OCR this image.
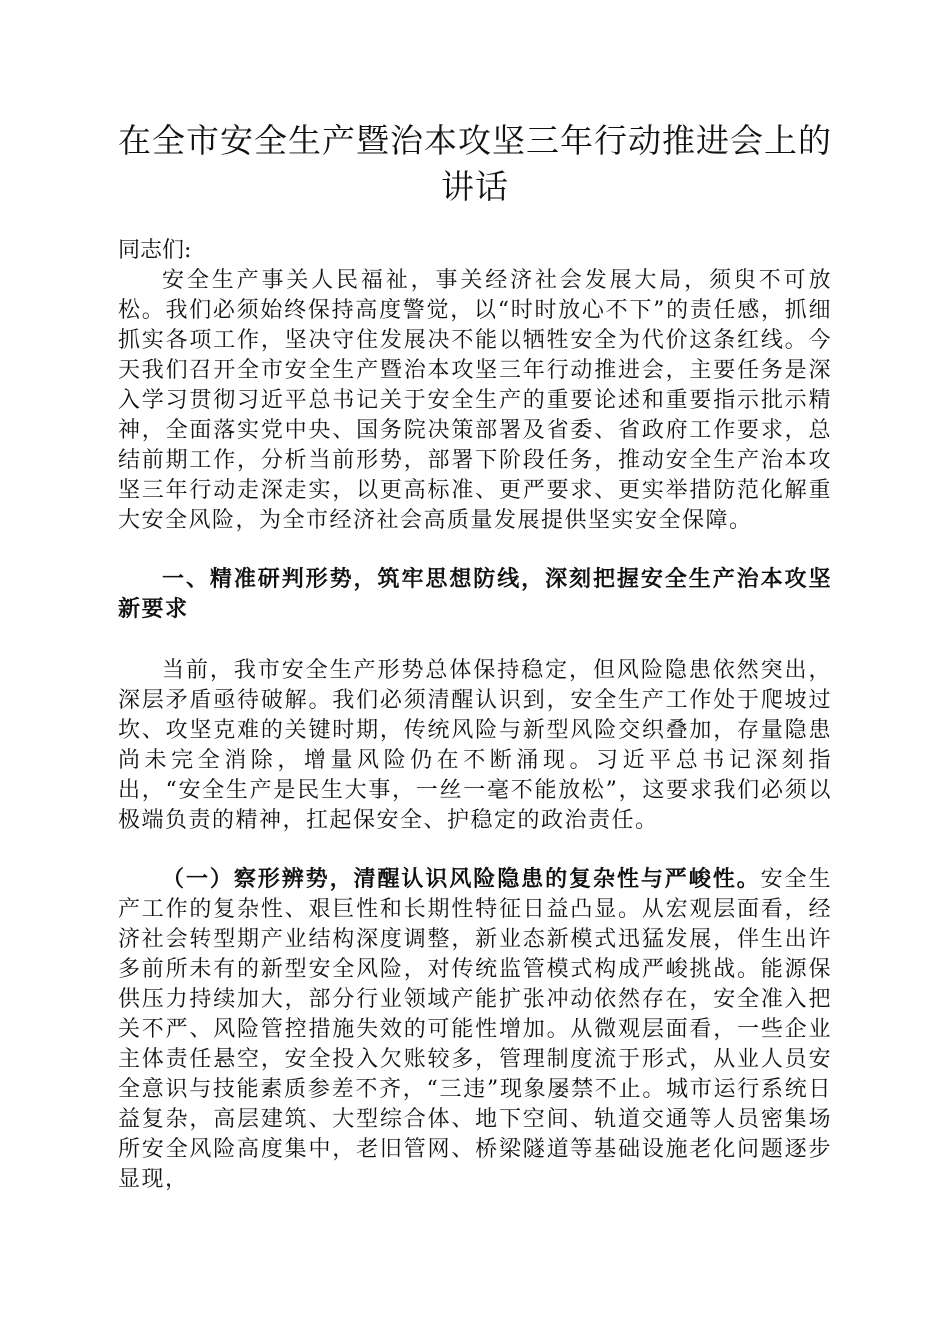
在全市安全生产暨治本攻坚三年行动推进会上的讲话
同志们:

安全生产事关人民福祉，事关经济社会发展大局，须臾不可放松。我们必须始终保持高度警觉，以“时时放心不下”的责任感，抓细抓实各项工作，坚决守住发展决不能以牺牲安全为代价这条红线。今天我们召开全市安全生产暨治本攻坚三年行动推进会，主要任务是深入学习贯彻习近平总书记关于安全生产的重要论述和重要指示批示精神，全面落实党中央、国务院决策部署及省委、省政府工作要求，总结前期工作，分析当前形势，部署下阶段任务，推动安全生产治本攻坚三年行动走深走实，以更高标准、更严要求、更实举措防范化解重大安全风险，为全市经济社会高质量发展提供坚实安全保障。

一、精准研判形势，筑牢思想防线，深刻把握安全生产治本攻坚新要求

当前，我市安全生产形势总体保持稳定，但风险隐患依然突出，深层矛盾亟待破解。我们必须清醒认识到，安全生产工作处于爬坡过坎、攻坚克难的关键时期，传统风险与新型风险交织叠加，存量隐患尚未完全消除，增量风险仍在不断涌现。习近平总书记深刻指出，“安全生产是民生大事，一丝一毫不能放松”，这要求我们必须以极端负责的精神，扛起保安全、护稳定的政治责任。

（一）察形辨势，清醒认识风险隐患的复杂性与严峻性。安全生产工作的复杂性、艰巨性和长期性特征日益凸显。从宏观层面看，经济社会转型期产业结构深度调整，新业态新模式迅猛发展，伴生出许多前所未有的新型安全风险，对传统监管模式构成严峻挑战。能源保供压力持续加大，部分行业领域产能扩张冲动依然存在，安全准入把关不严、风险管控措施失效的可能性增加。从微观层面看，一些企业主体责任悬空，安全投入欠账较多，管理制度流于形式，从业人员安全意识与技能素质参差不齐，“三违”现象屡禁不止。城市运行系统日益复杂，高层建筑、大型综合体、地下空间、轨道交通等人员密集场所安全风险高度集中，老旧管网、桥梁隧道等基础设施老化问题逐步显现，
